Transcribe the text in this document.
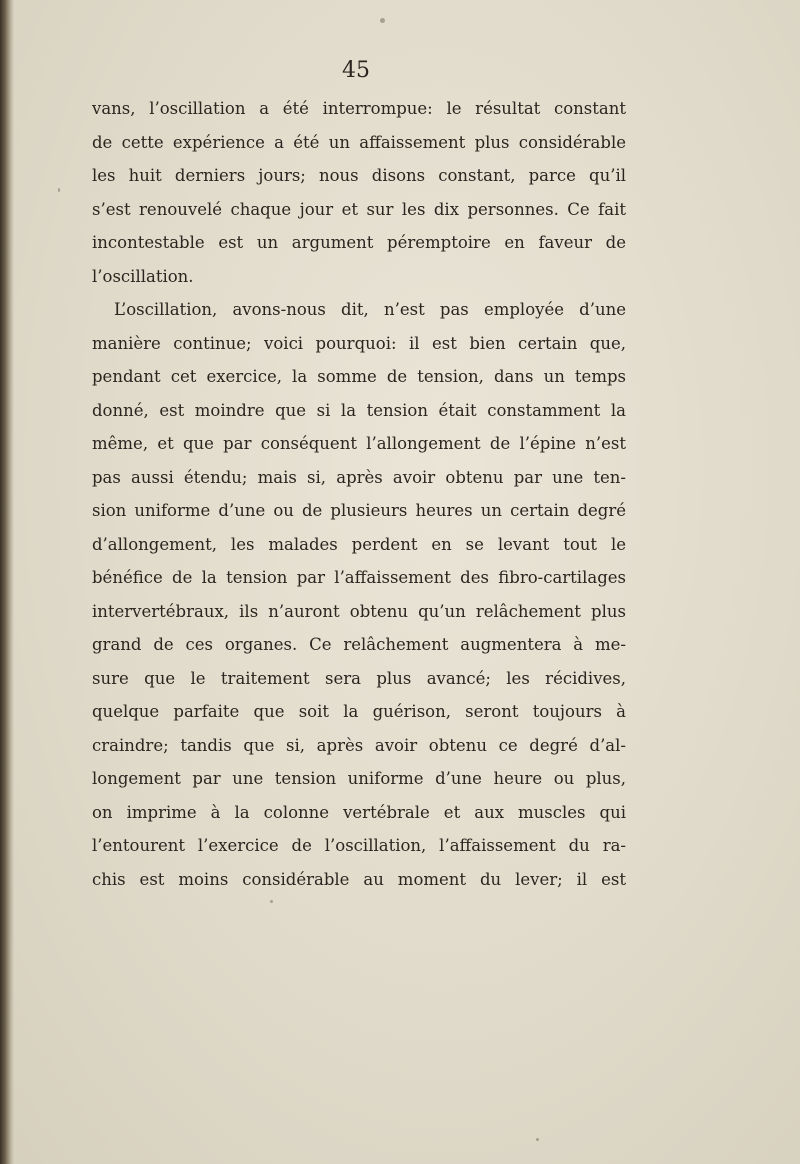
45
vans, l’oscillation a été interrompue: le résultat constant
de cette expérience a été un affaissement plus considérable
les huit derniers jours; nous disons constant, parce qu’il
s’est renouvelé chaque jour et sur les dix personnes. Ce fait
incontestable est un argument péremptoire en faveur de
l’oscillation.
L’oscillation, avons-nous dit, n’est pas employée d’une
manière continue; voici pourquoi: il est bien certain que,
pendant cet exercice, la somme de tension, dans un temps
donné, est moindre que si la tension était constamment la
même, et que par conséquent l’allongement de l’épine n’est
pas aussi étendu; mais si, après avoir obtenu par une ten-
sion uniforme d’une ou de plusieurs heures un certain degré
d’allongement, les malades perdent en se levant tout le
bénéfice de la tension par l’affaissement des fibro-cartilages
intervertébraux, ils n’auront obtenu qu’un relâchement plus
grand de ces organes. Ce relâchement augmentera à me-
sure que le traitement sera plus avancé; les récidives,
quelque parfaite que soit la guérison, seront toujours à
craindre; tandis que si, après avoir obtenu ce degré d’al-
longement par une tension uniforme d’une heure ou plus,
on imprime à la colonne vertébrale et aux muscles qui
l’entourent l’exercice de l’oscillation, l’affaissement du ra-
chis est moins considérable au moment du lever; il est
